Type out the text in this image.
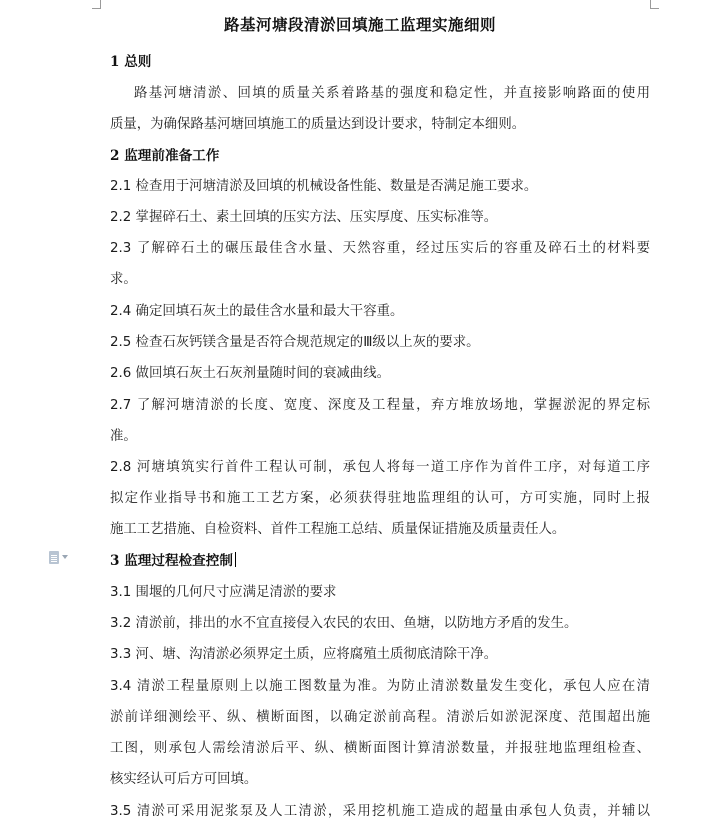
路基河塘段清淤回填施工监理实施细则
1 总则
路基河塘清淤、回填的质量关系着路基的强度和稳定性，并直接影响路面的使用
质量，为确保路基河塘回填施工的质量达到设计要求，特制定本细则。
2 监理前准备工作
2.1 检查用于河塘清淤及回填的机械设备性能、数量是否满足施工要求。
2.2 掌握碎石土、素土回填的压实方法、压实厚度、压实标准等。
2.3 了解碎石土的碾压最佳含水量、天然容重，经过压实后的容重及碎石土的材料要
求。
2.4 确定回填石灰土的最佳含水量和最大干容重。
2.5 检查石灰钙镁含量是否符合规范规定的Ⅲ级以上灰的要求。
2.6 做回填石灰土石灰剂量随时间的衰减曲线。
2.7 了解河塘清淤的长度、宽度、深度及工程量，弃方堆放场地，掌握淤泥的界定标
准。
2.8 河塘填筑实行首件工程认可制，承包人将每一道工序作为首件工序，对每道工序
拟定作业指导书和施工工艺方案，必须获得驻地监理组的认可，方可实施，同时上报
施工工艺措施、自检资料、首件工程施工总结、质量保证措施及质量责任人。
3 监理过程检查控制
3.1 围堰的几何尺寸应满足清淤的要求
3.2 清淤前，排出的水不宜直接侵入农民的农田、鱼塘，以防地方矛盾的发生。
3.3 河、塘、沟清淤必须界定土质，应将腐殖土质彻底清除干净。
3.4 清淤工程量原则上以施工图数量为准。为防止清淤数量发生变化，承包人应在清
淤前详细测绘平、纵、横断面图，以确定淤前高程。清淤后如淤泥深度、范围超出施
工图，则承包人需绘清淤后平、纵、横断面图计算清淤数量，并报驻地监理组检查、
核实经认可后方可回填。
3.5 清淤可采用泥浆泵及人工清淤，采用挖机施工造成的超量由承包人负责，并辅以
